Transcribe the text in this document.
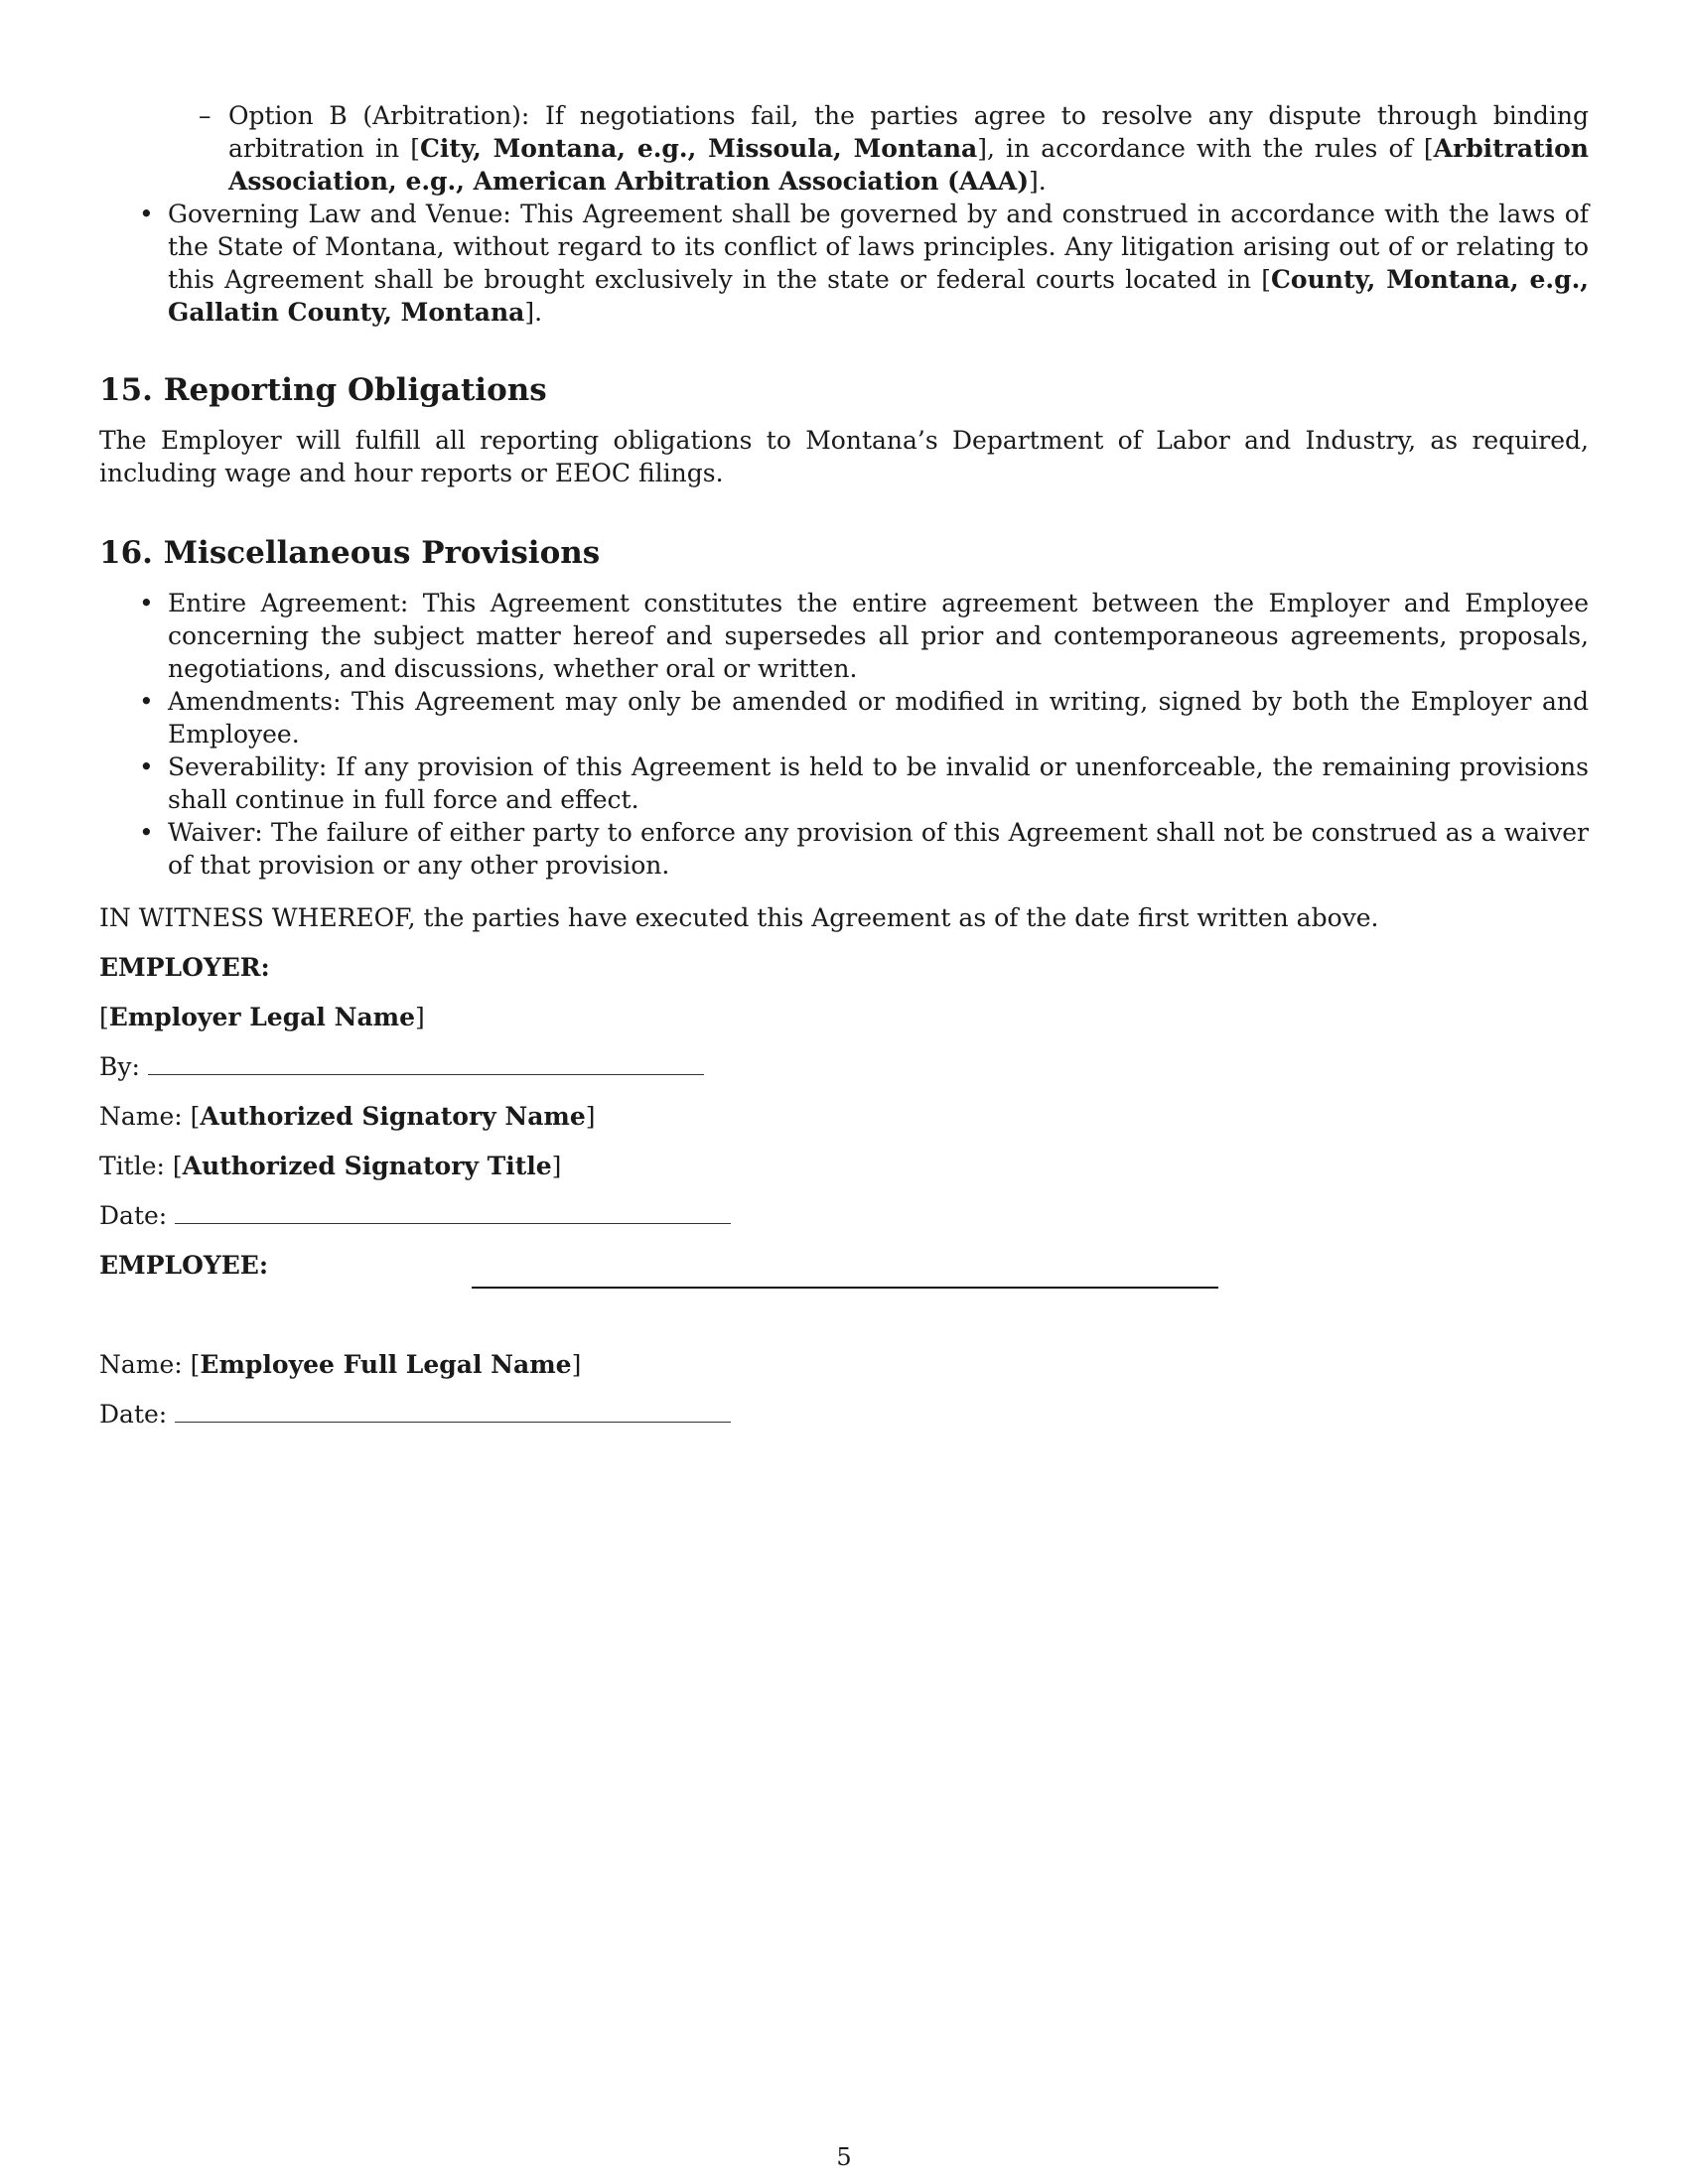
– Option B (Arbitration): If negotiations fail, the parties agree to resolve any dispute through binding arbitration in [City, Montana, e.g., Missoula, Montana], in accordance with the rules of [Arbitration Association, e.g., American Arbitration Association (AAA)].
• Governing Law and Venue: This Agreement shall be governed by and construed in accordance with the laws of the State of Montana, without regard to its conflict of laws principles. Any litigation arising out of or relating to this Agreement shall be brought exclusively in the state or federal courts located in [County, Montana, e.g., Gallatin County, Montana].
15. Reporting Obligations

The Employer will fulfill all reporting obligations to Montana’s Department of Labor and Industry, as required, including wage and hour reports or EEOC filings.

16. Miscellaneous Provisions
• Entire Agreement: This Agreement constitutes the entire agreement between the Employer and Employee concerning the subject matter hereof and supersedes all prior and contemporaneous agreements, proposals, negotiations, and discussions, whether oral or written.
• Amendments: This Agreement may only be amended or modified in writing, signed by both the Employer and Employee.
• Severability: If any provision of this Agreement is held to be invalid or unenforceable, the remaining provisions shall continue in full force and effect.
• Waiver: The failure of either party to enforce any provision of this Agreement shall not be construed as a waiver of that provision or any other provision.

IN WITNESS WHEREOF, the parties have executed this Agreement as of the date first written above.

EMPLOYER:

[Employer Legal Name]

By:

Name: [Authorized Signatory Name]

Title: [Authorized Signatory Title]

Date:

EMPLOYEE:

Name: [Employee Full Legal Name]

Date:

5
